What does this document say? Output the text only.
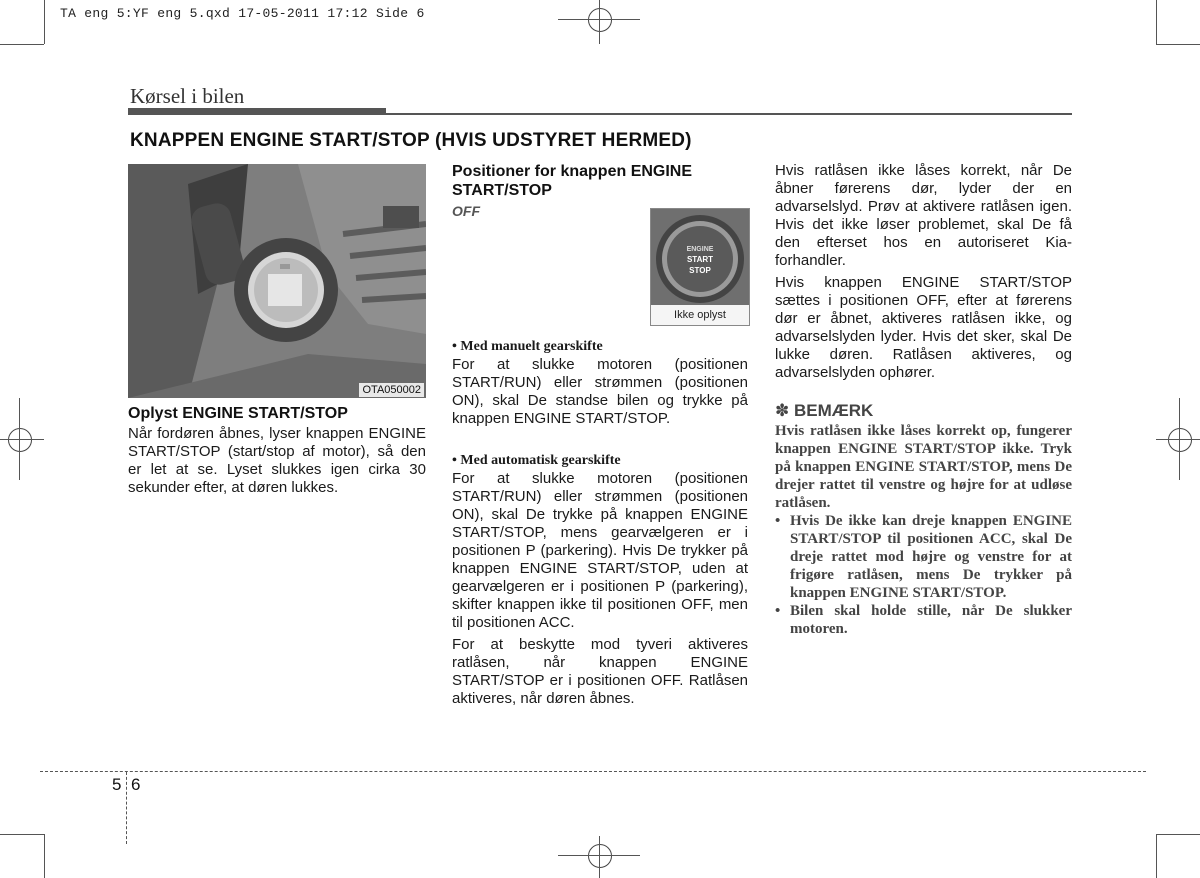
TA eng 5:YF eng 5.qxd 17-05-2011 17:12 Side 6
Kørsel i bilen
KNAPPEN ENGINE START/STOP (HVIS UDSTYRET HERMED)
OTA050002
Oplyst ENGINE START/STOP
Når fordøren åbnes, lyser knappen ENGINE START/STOP (start/stop af motor), så den er let at se. Lyset slukkes igen cirka 30 sekunder efter, at døren lukkes.
Positioner for knappen ENGINE START/STOP
OFF
ENGINE
START
STOP
Ikke oplyst
• Med manuelt gearskifte
For at slukke motoren (positionen START/RUN) eller strømmen (positionen ON), skal De standse bilen og trykke på knappen ENGINE START/STOP.
• Med automatisk gearskifte
For at slukke motoren (positionen START/RUN) eller strømmen (positionen ON), skal De trykke på knappen ENGINE START/STOP, mens gearvælgeren er i positionen P (parkering). Hvis De trykker på knappen ENGINE START/STOP, uden at gearvælgeren er i positionen P (parkering), skifter knappen ikke til positionen OFF, men til positionen ACC.
For at beskytte mod tyveri aktiveres ratlåsen, når knappen ENGINE START/STOP er i positionen OFF. Ratlåsen aktiveres, når døren åbnes.
Hvis ratlåsen ikke låses korrekt, når De åbner førerens dør, lyder der en advarselslyd. Prøv at aktivere ratlåsen igen. Hvis det ikke løser problemet, skal De få den efterset hos en autoriseret Kia-forhandler.
Hvis knappen ENGINE START/STOP sættes i positionen OFF, efter at førerens dør er åbnet, aktiveres ratlåsen ikke, og advarselslyden lyder. Hvis det sker, skal De lukke døren. Ratlåsen aktiveres, og advarselslyden ophører.
✽ BEMÆRK
Hvis ratlåsen ikke låses korrekt op, fungerer knappen ENGINE START/STOP ikke. Tryk på knappen ENGINE START/STOP, mens De drejer rattet til venstre og højre for at udløse ratlåsen.
• Hvis De ikke kan dreje knappen ENGINE START/STOP til positionen ACC, skal De dreje rattet mod højre og venstre for at frigøre ratlåsen, mens De trykker på knappen ENGINE START/STOP.
• Bilen skal holde stille, når De slukker motoren.
5 6
